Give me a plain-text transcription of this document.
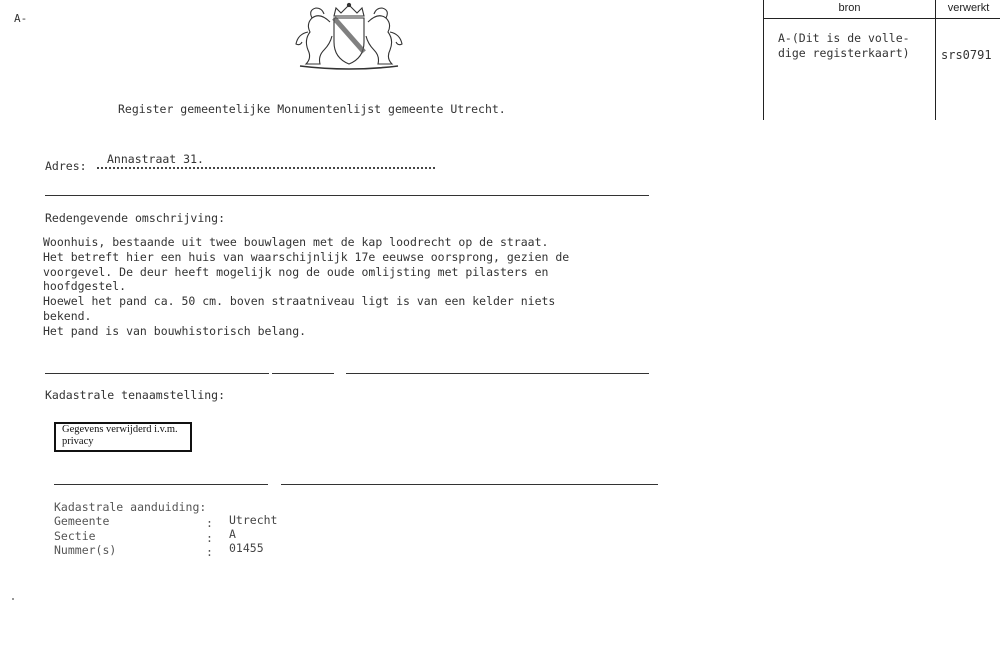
A-
bron	verwerkt
A-(Dit is de volle-
dige registerkaart)	srs0791
Register gemeentelijke Monumentenlijst gemeente Utrecht.
Adres: Annastraat 31.
Redengevende omschrijving:
Woonhuis, bestaande uit twee bouwlagen met de kap loodrecht op de straat.
Het betreft hier een huis van waarschijnlijk 17e eeuwse oorsprong, gezien de
voorgevel. De deur heeft mogelijk nog de oude omlijsting met pilasters en
hoofdgestel.
Hoewel het pand ca. 50 cm. boven straatniveau ligt is van een kelder niets
bekend.
Het pand is van bouwhistorisch belang.
Kadastrale tenaamstelling:
Gegevens verwijderd i.v.m. privacy
Kadastrale aanduiding:
Gemeente	: Utrecht
Sectie	: A
Nummer(s)	: 01455
